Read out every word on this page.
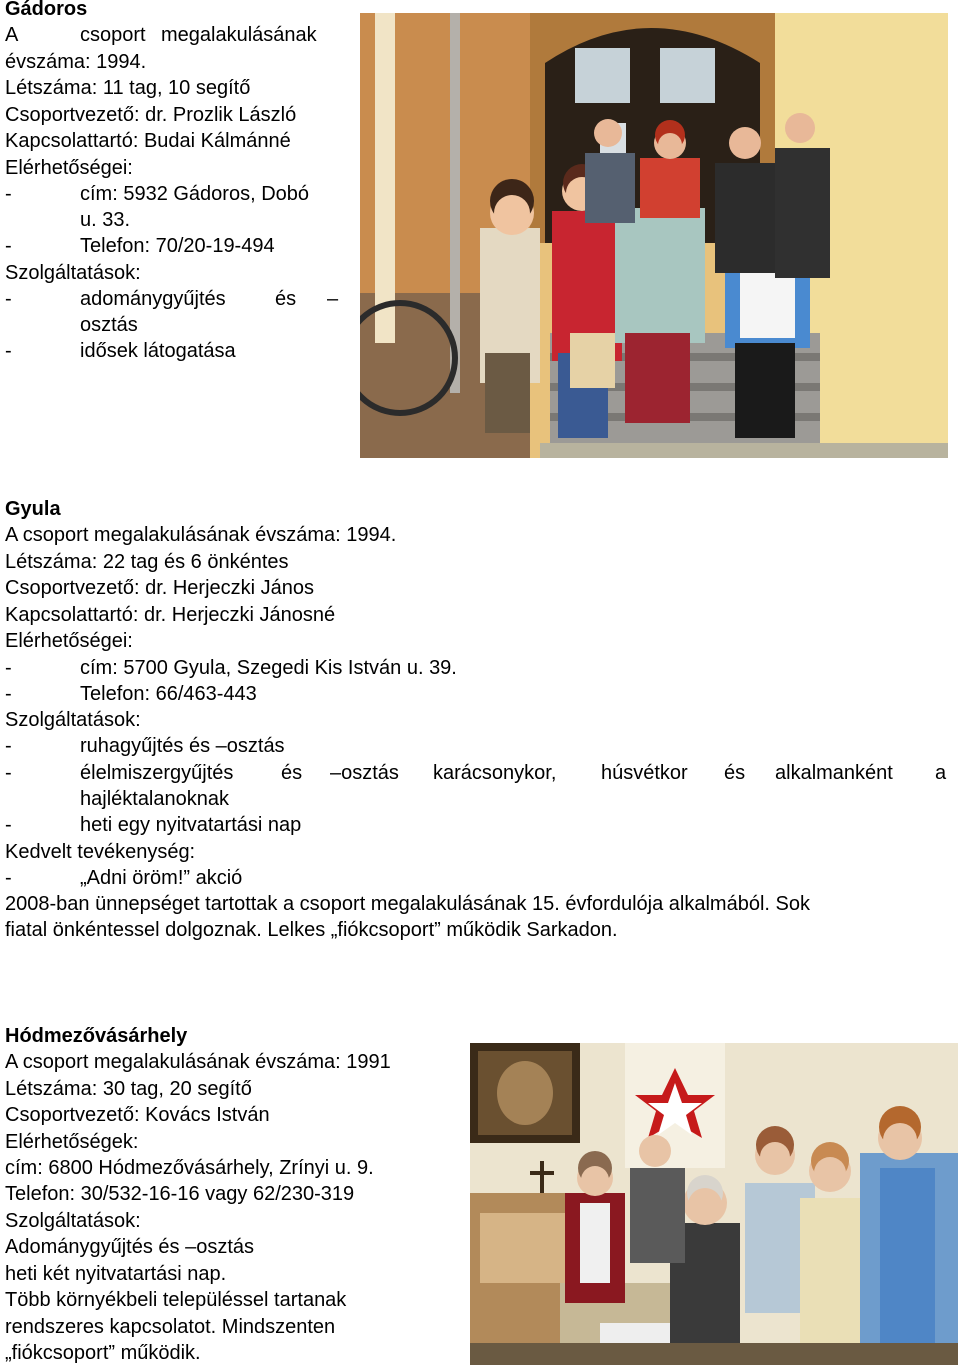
Gádoros
A	csoport megalakulásának
évszáma: 1994.
Létszáma: 11 tag, 10 segítő
Csoportvezető: dr. Prozlik László
Kapcsolattartó: Budai Kálmánné
Elérhetőségei:
-	cím: 5932 Gádoros, Dobó
u. 33.
-	Telefon: 70/20-19-494
Szolgáltatások:
-	adománygyűjtés és –
osztás
-	idősek látogatása
Gyula
A csoport megalakulásának évszáma: 1994.
Létszáma: 22 tag és 6 önkéntes
Csoportvezető: dr. Herjeczki János
Kapcsolattartó: dr. Herjeczki Jánosné
Elérhetőségei:
-	cím: 5700 Gyula, Szegedi Kis István u. 39.
-	Telefon: 66/463-443
Szolgáltatások:
-	ruhagyűjtés és –osztás
-	élelmiszergyűjtés és –osztás karácsonykor, húsvétkor és alkalmanként a
hajléktalanoknak
-	heti egy nyitvatartási nap
Kedvelt tevékenység:
-	„Adni öröm!” akció
2008-ban ünnepséget tartottak a csoport megalakulásának 15. évfordulója alkalmából. Sok
fiatal önkéntessel dolgoznak. Lelkes „fiókcsoport” működik Sarkadon.
Hódmezővásárhely
A csoport megalakulásának évszáma: 1991
Létszáma: 30 tag, 20 segítő
Csoportvezető: Kovács István
Elérhetőségek:
cím: 6800 Hódmezővásárhely, Zrínyi u. 9.
Telefon: 30/532-16-16 vagy 62/230-319
Szolgáltatások:
Adománygyűjtés és –osztás
heti két nyitvatartási nap.
Több környékbeli településsel tartanak
rendszeres kapcsolatot. Mindszenten
„fiókcsoport” működik.
